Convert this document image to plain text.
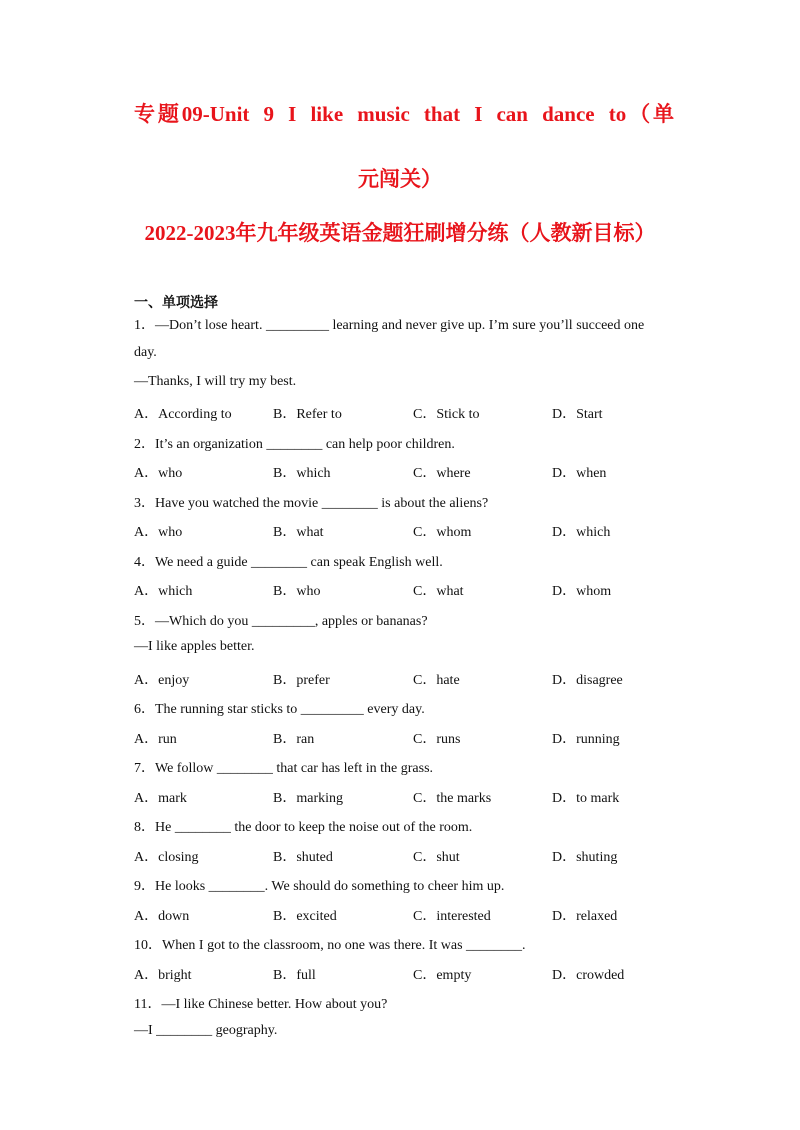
专题09-Unit 9 I like music that I can dance to（单
元闯关）
2022-2023年九年级英语金题狂刷增分练（人教新目标）
一、单项选择
1．—Don’t lose heart. _________ learning and never give up. I’m sure you’ll succeed one
day.
—Thanks, I will try my best.
A．According to	B．Refer to	C．Stick to	D．Start
2．It’s an organization ________ can help poor children.
A．who	B．which	C．where	D．when
3．Have you watched the movie ________ is about the aliens?
A．who	B．what	C．whom	D．which
4．We need a guide ________ can speak English well.
A．which	B．who	C．what	D．whom
5．—Which do you _________, apples or bananas?
—I like apples better.
A．enjoy	B．prefer	C．hate	D．disagree
6．The running star sticks to _________ every day.
A．run	B．ran	C．runs	D．running
7．We follow ________ that car has left in the grass.
A．mark	B．marking	C．the marks	D．to mark
8．He ________ the door to keep the noise out of the room.
A．closing	B．shuted	C．shut	D．shuting
9．He looks ________. We should do something to cheer him up.
A．down	B．excited	C．interested	D．relaxed
10．When I got to the classroom, no one was there. It was ________.
A．bright	B．full	C．empty	D．crowded
11．—I like Chinese better. How about you?
—I ________ geography.
